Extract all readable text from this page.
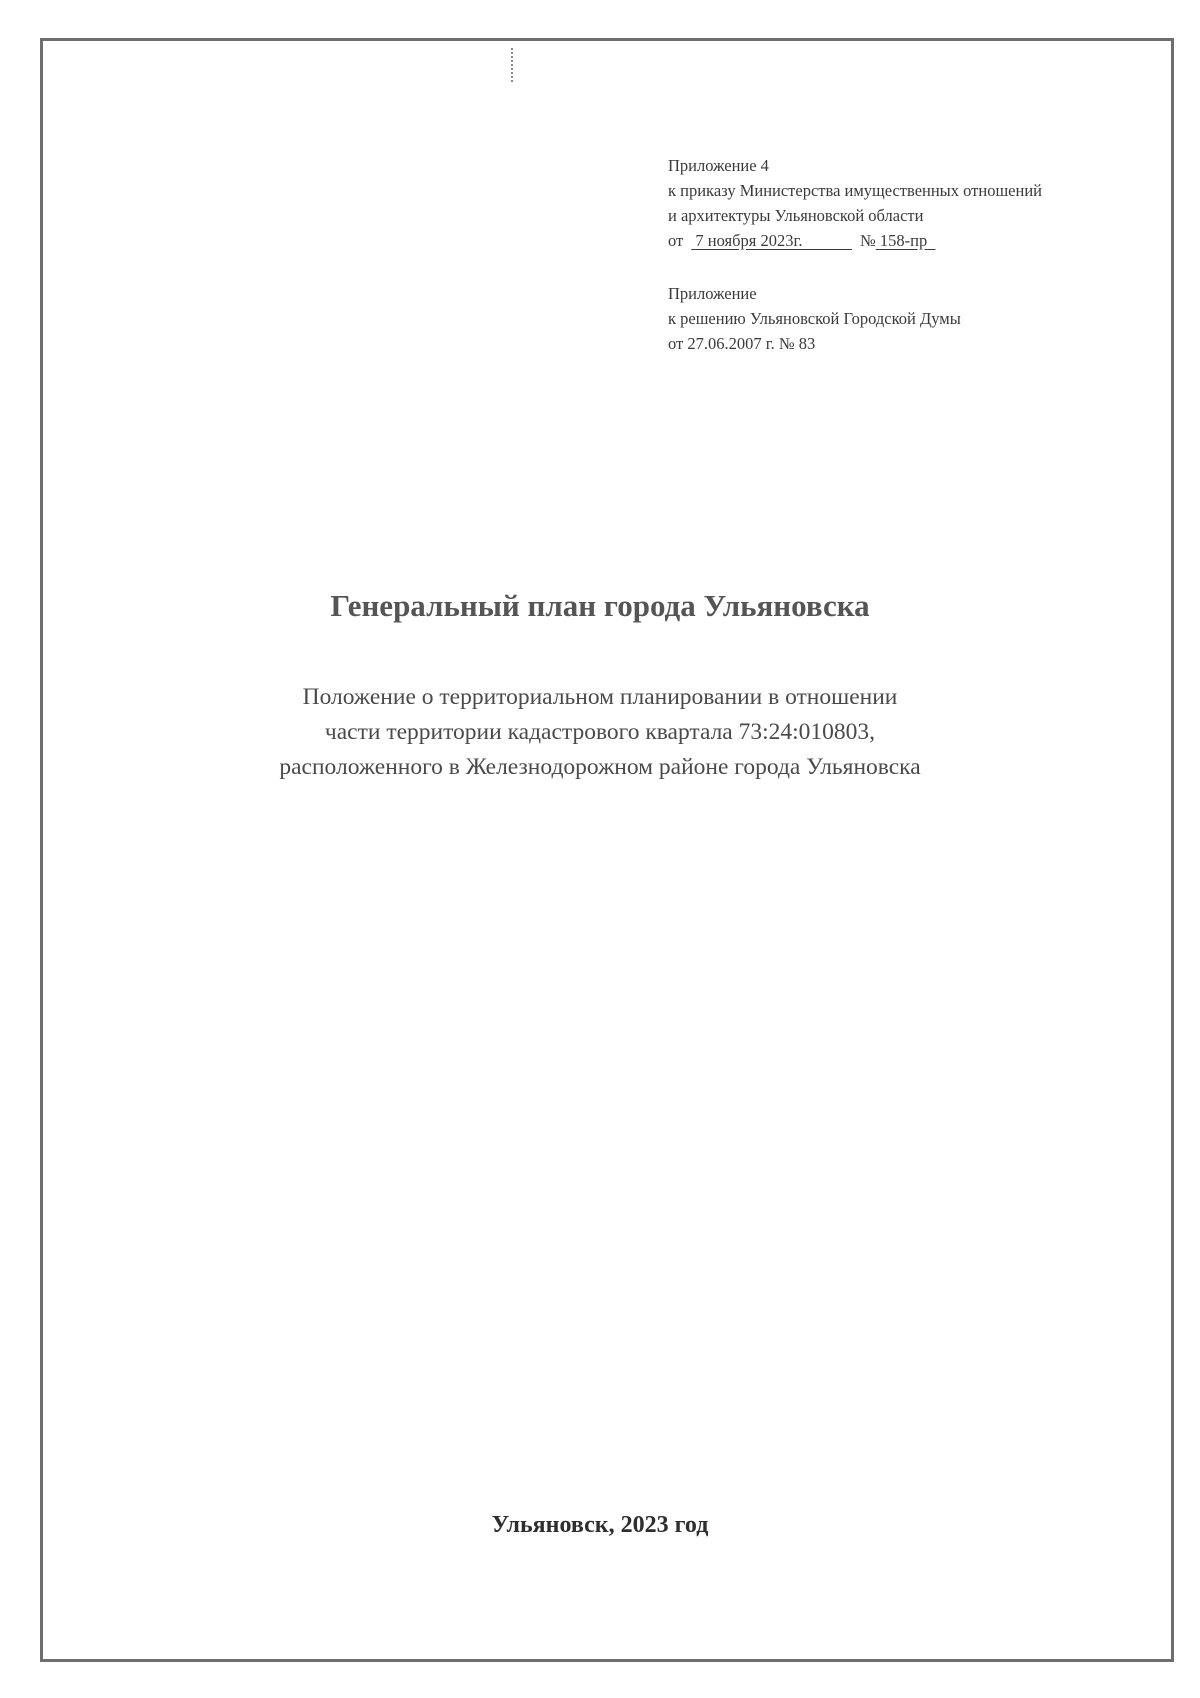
Приложение 4
к приказу Министерства имущественных отношений
и архитектуры Ульяновской области
от 7 ноября 2023г.	№ 158-пр
Приложение
к решению Ульяновской Городской Думы
от 27.06.2007 г. № 83
Генеральный план города Ульяновска
Положение о территориальном планировании в отношении
части территории кадастрового квартала 73:24:010803,
расположенного в Железнодорожном районе города Ульяновска
Ульяновск, 2023 год
